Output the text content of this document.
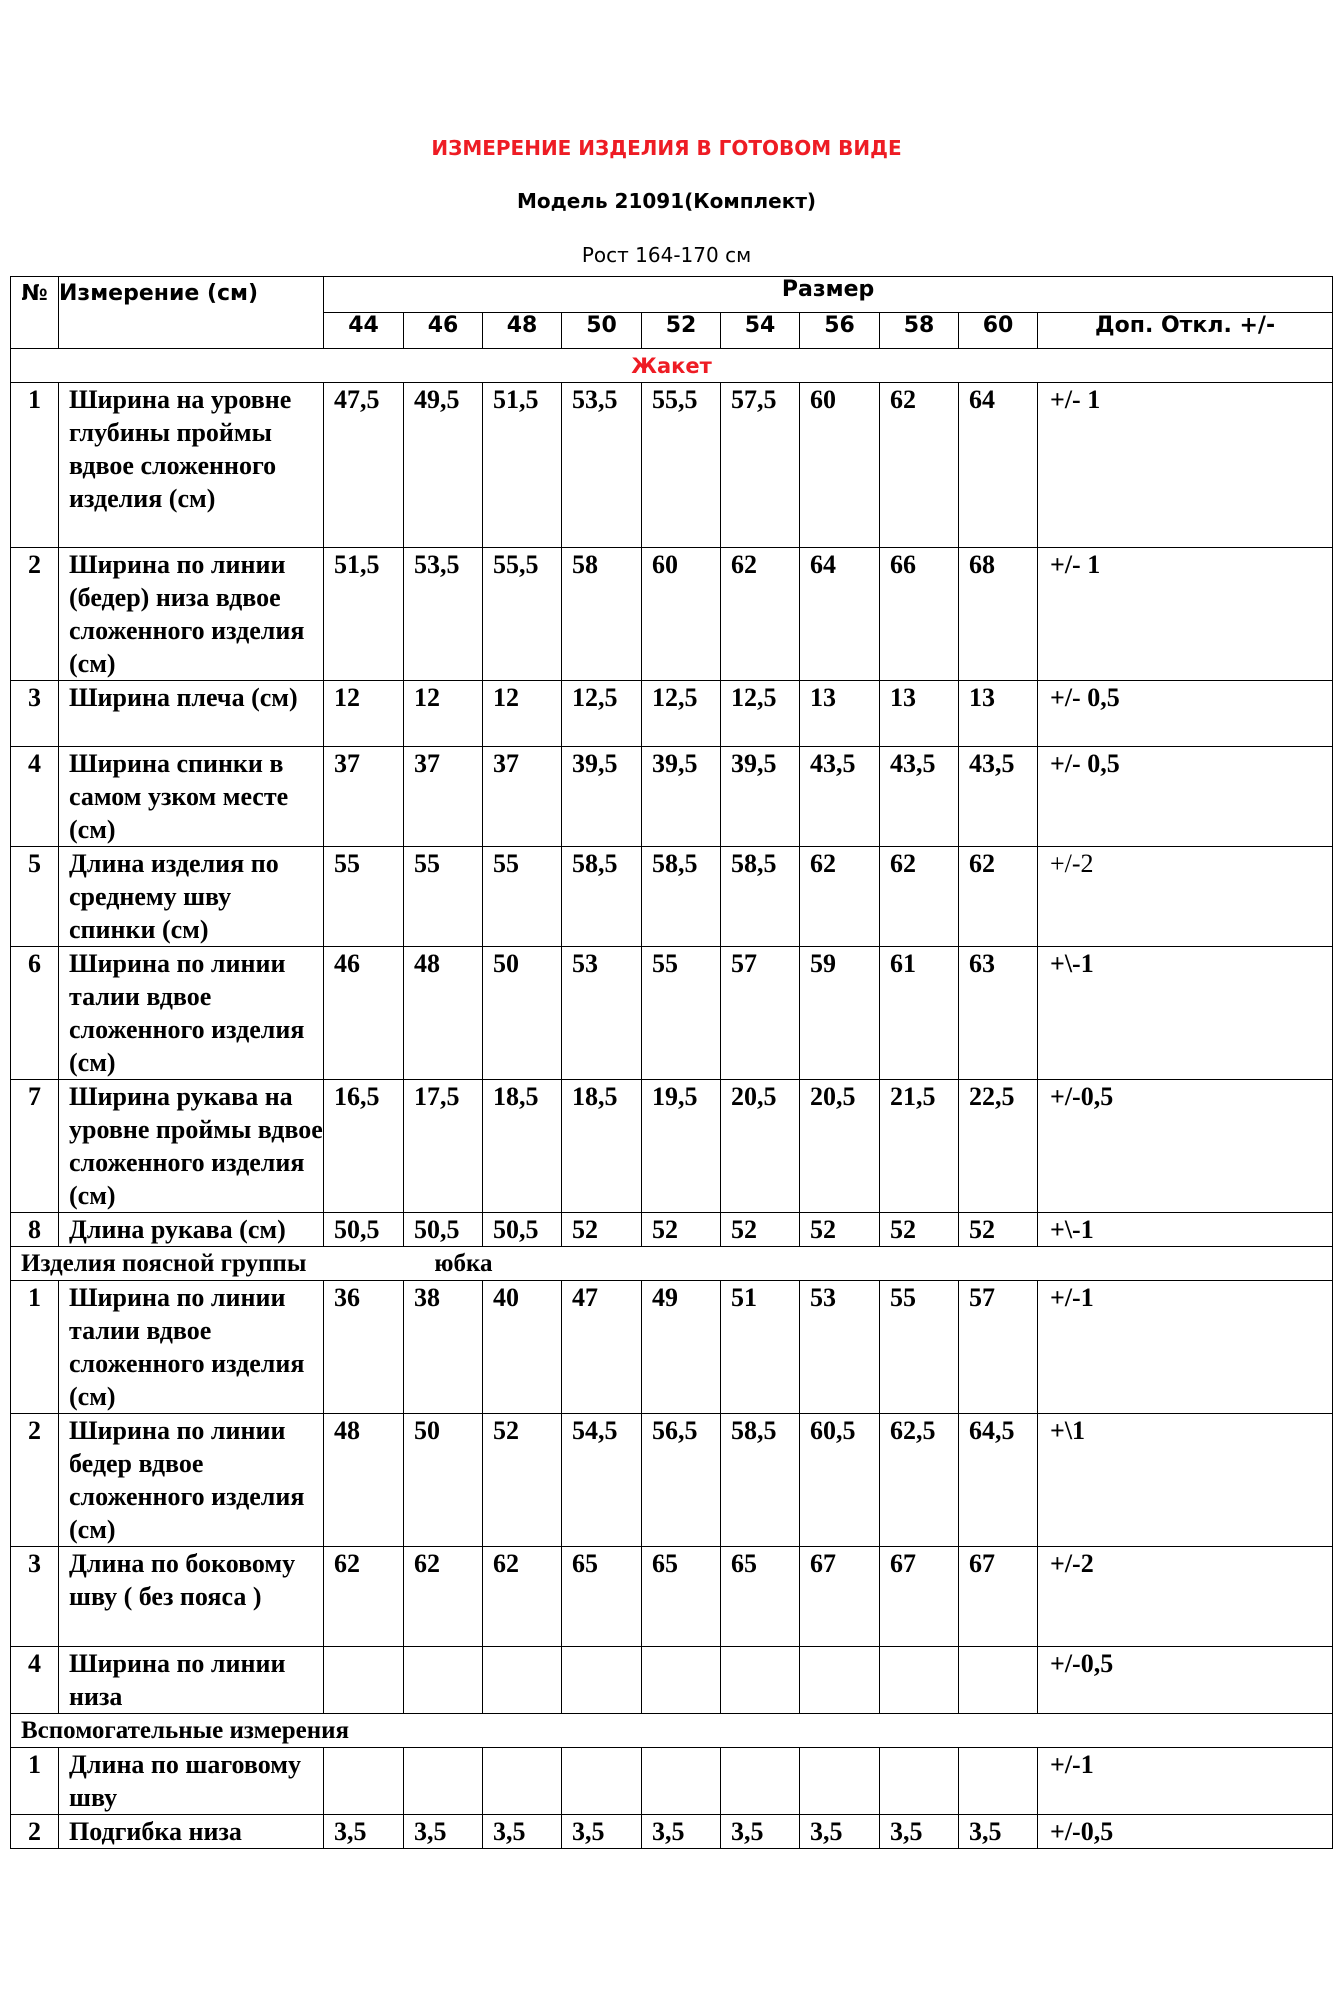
ИЗМЕРЕНИЕ ИЗДЕЛИЯ В ГОТОВОМ ВИДЕ
Модель 21091(Комплект)
Рост 164-170 см
№	Измерение (см)	Размер									
		44	46	48	50	52	54	56	58	60	Доп. Откл. +/-
Жакет											
1	Ширина на уровне глубины проймы вдвое сложенного изделия (см)	47,5	49,5	51,5	53,5	55,5	57,5	60	62	64	+/- 1
2	Ширина по линии (бедер) низа вдвое сложенного изделия (см)	51,5	53,5	55,5	58	60	62	64	66	68	+/- 1
3	Ширина плеча (см)	12	12	12	12,5	12,5	12,5	13	13	13	+/- 0,5
4	Ширина спинки в самом узком месте (см)	37	37	37	39,5	39,5	39,5	43,5	43,5	43,5	+/- 0,5
5	Длина изделия по среднему шву спинки (см)	55	55	55	58,5	58,5	58,5	62	62	62	+/-2
6	Ширина по линии талии вдвое сложенного изделия (см)	46	48	50	53	55	57	59	61	63	+\-1
7	Ширина рукава на уровне проймы вдвое сложенного изделия (см)	16,5	17,5	18,5	18,5	19,5	20,5	20,5	21,5	22,5	+/-0,5
8	Длина рукава (см)	50,5	50,5	50,5	52	52	52	52	52	52	+\-1
Изделия поясной группы юбка											
1	Ширина по линии талии вдвое сложенного изделия (см)	36	38	40	47	49	51	53	55	57	+/-1
2	Ширина по линии бедер вдвое сложенного изделия (см)	48	50	52	54,5	56,5	58,5	60,5	62,5	64,5	+\1
3	Длина по боковому шву ( без пояса )	62	62	62	65	65	65	67	67	67	+/-2
4	Ширина по линии низа										+/-0,5
Вспомогательные измерения											
1	Длина по шаговому шву										+/-1
2	Подгибка низа	3,5	3,5	3,5	3,5	3,5	3,5	3,5	3,5	3,5	+/-0,5
